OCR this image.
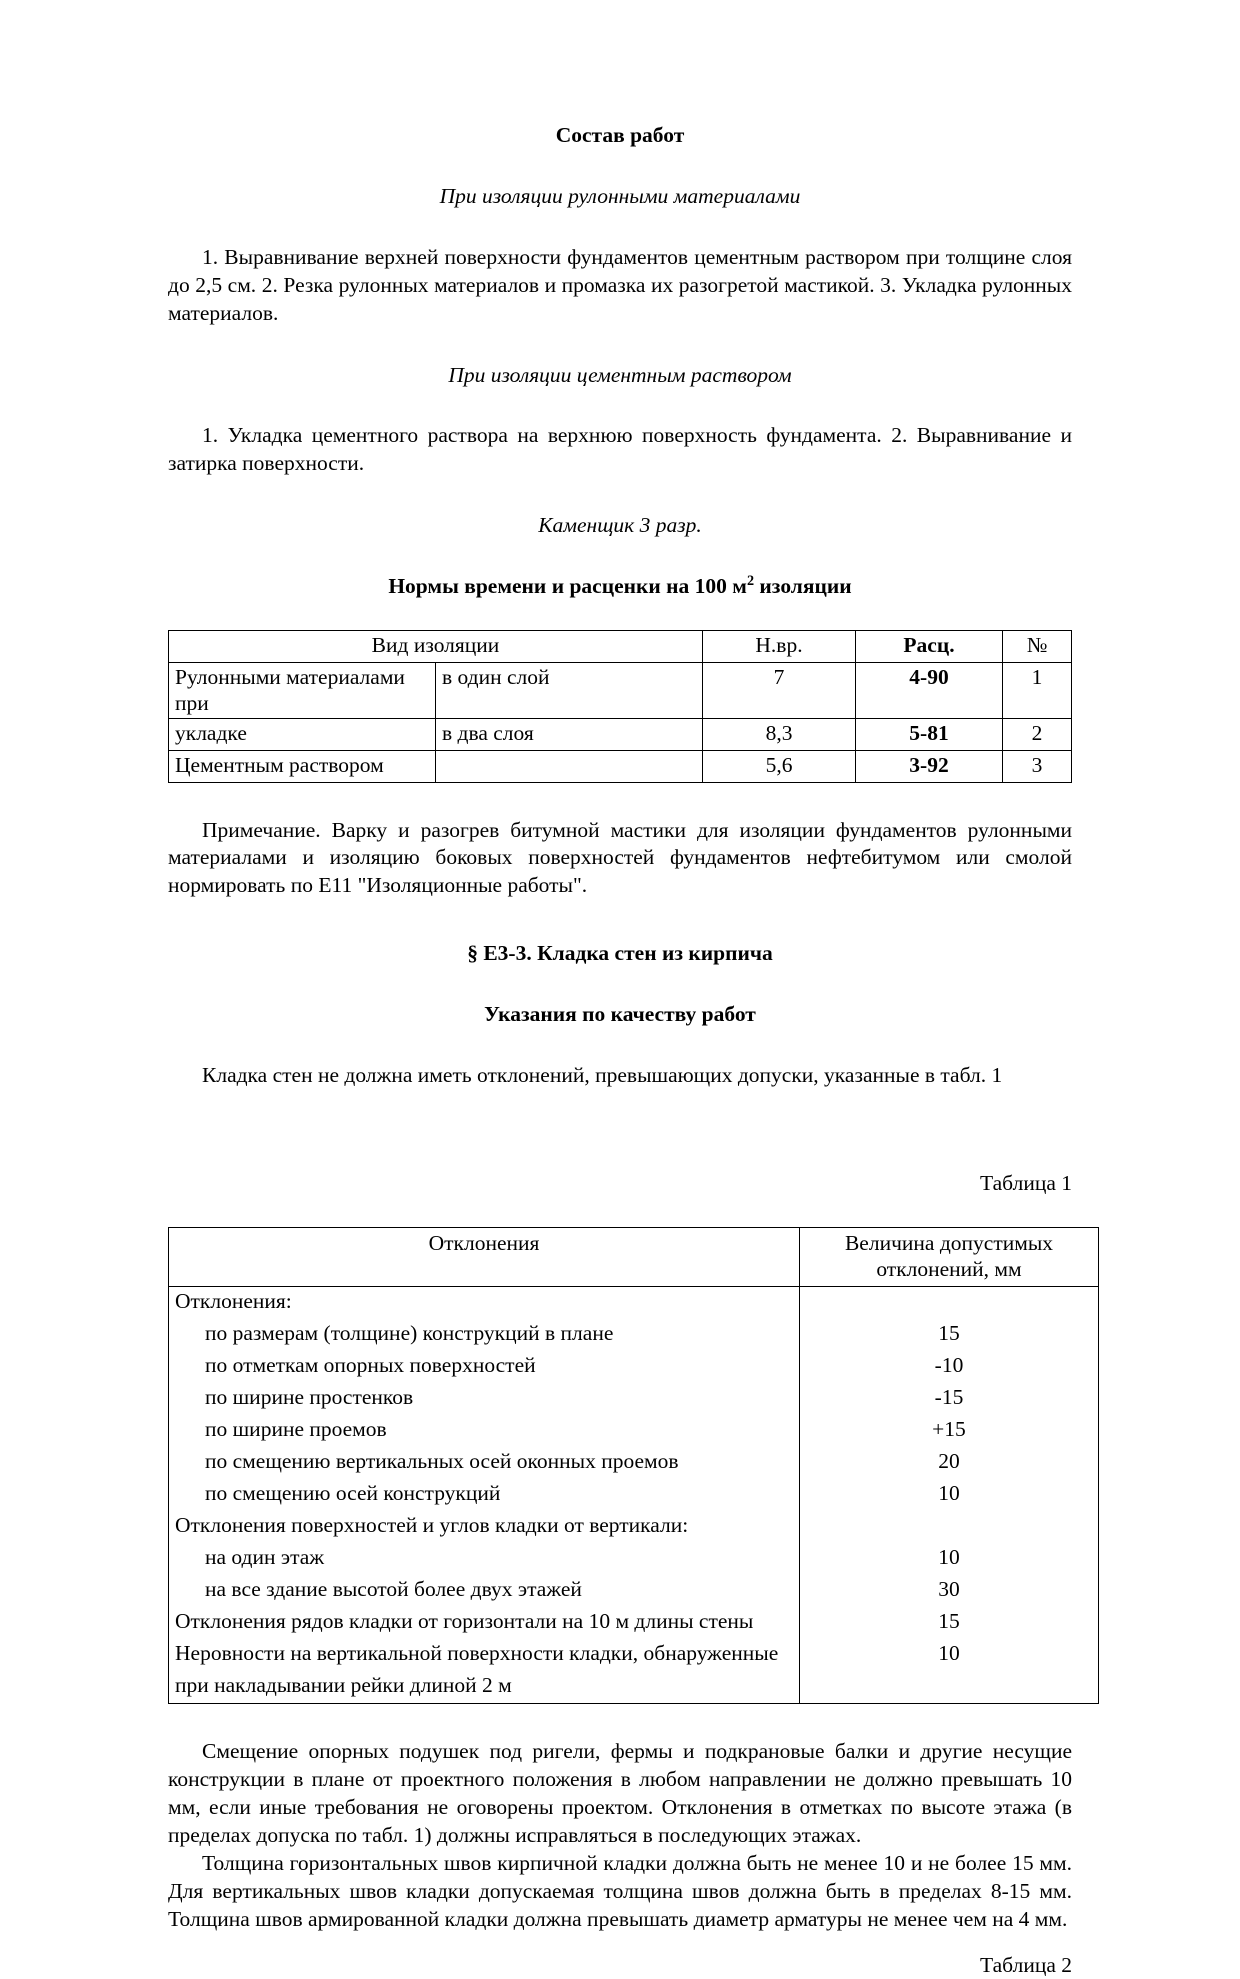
Состав работ

При изоляции рулонными материалами

1. Выравнивание верхней поверхности фундаментов цементным раствором при толщине слоя до 2,5 см. 2. Резка рулонных материалов и промазка их разогретой мастикой. 3. Укладка рулонных материалов.

При изоляции цементным раствором

1. Укладка цементного раствора на верхнюю поверхность фундамента. 2. Выравнивание и затирка поверхности.

Каменщик 3 разр.

Нормы времени и расценки на 100 $м^2$ изоляции
Вид изоляции		Н.вр.	Расц.	№
Рулонными материалами при	в один слой	7	4-90	1
укладке	в два слоя	8,3	5-81	2
Цементным раствором		5,6	3-92	3

Примечание. Варку и разогрев битумной мастики для изоляции фундаментов рулонными материалами и изоляцию боковых поверхностей фундаментов нефтебитумом или смолой нормировать по Е11 "Изоляционные работы".

§ Е3-3. Кладка стен из кирпича
Указания по качеству работ

Кладка стен не должна иметь отклонений, превышающих допуски, указанные в табл. 1

Таблица 1

Отклонения	Величина допустимых
отклонений, мм

Отклонения:	
по размерам (толщине) конструкций в плане	15
по отметкам опорных поверхностей	-10
по ширине простенков	-15
по ширине проемов	+15
по смещению вертикальных осей оконных проемов	20
по смещению осей конструкций	10
Отклонения поверхностей и углов кладки от вертикали:	
на один этаж	10
на все здание высотой более двух этажей	30
Отклонения рядов кладки от горизонтали на 10 м длины стены	15
Неровности на вертикальной поверхности кладки, обнаруженные	10
при накладывании рейки длиной 2 м	

Смещение опорных подушек под ригели, фермы и подкрановые балки и другие несущие конструкции в плане от проектного положения в любом направлении не должно превышать 10 мм, если иные требования не оговорены проектом. Отклонения в отметках по высоте этажа (в пределах допуска по табл. 1) должны исправляться в последующих этажах.

Толщина горизонтальных швов кирпичной кладки должна быть не менее 10 и не более 15 мм. Для вертикальных швов кладки допускаемая толщина швов должна быть в пределах 8-15 мм. Толщина швов армированной кладки должна превышать диаметр арматуры не менее чем на 4 мм.

Таблица 2
